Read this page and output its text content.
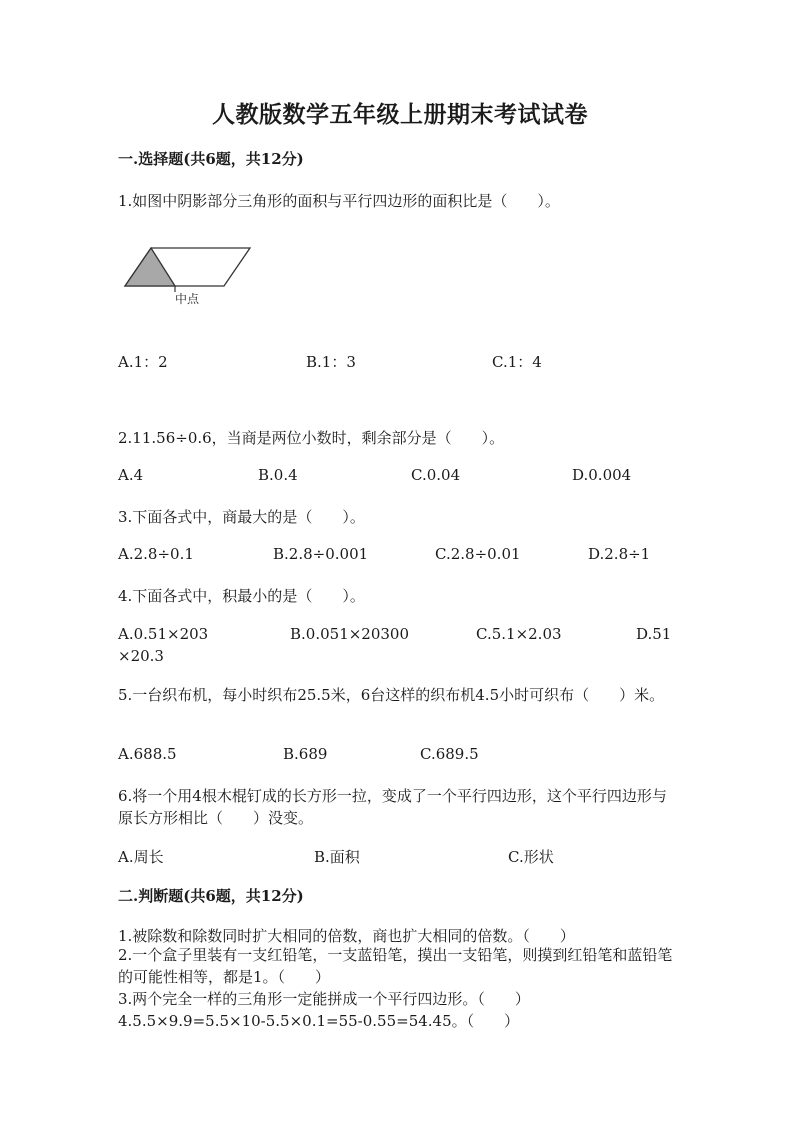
人教版数学五年级上册期末考试试卷
一.选择题(共6题，共12分)
1.如图中阴影部分三角形的面积与平行四边形的面积比是（　　）。
中点
A.1：2	B.1：3	C.1：4
2.11.56÷0.6，当商是两位小数时，剩余部分是（　　）。
A.4	B.0.4	C.0.04	D.0.004
3.下面各式中，商最大的是（　　）。
A.2.8÷0.1	B.2.8÷0.001	C.2.8÷0.01	D.2.8÷1
4.下面各式中，积最小的是（　　）。
A.0.51×203	B.0.051×20300	C.5.1×2.03	D.51
×20.3
5.一台织布机，每小时织布25.5米，6台这样的织布机4.5小时可织布（　　）米。
A.688.5	B.689	C.689.5
6.将一个用4根木棍钉成的长方形一拉，变成了一个平行四边形，这个平行四边形与原长方形相比（　　）没变。
A.周长	B.面积	C.形状
二.判断题(共6题，共12分)
1.被除数和除数同时扩大相同的倍数，商也扩大相同的倍数。（　　）
2.一个盒子里装有一支红铅笔，一支蓝铅笔，摸出一支铅笔，则摸到红铅笔和蓝铅笔的可能性相等，都是1。（　　）
3.两个完全一样的三角形一定能拼成一个平行四边形。（　　）
4.5.5×9.9=5.5×10-5.5×0.1=55-0.55=54.45。（　　）
